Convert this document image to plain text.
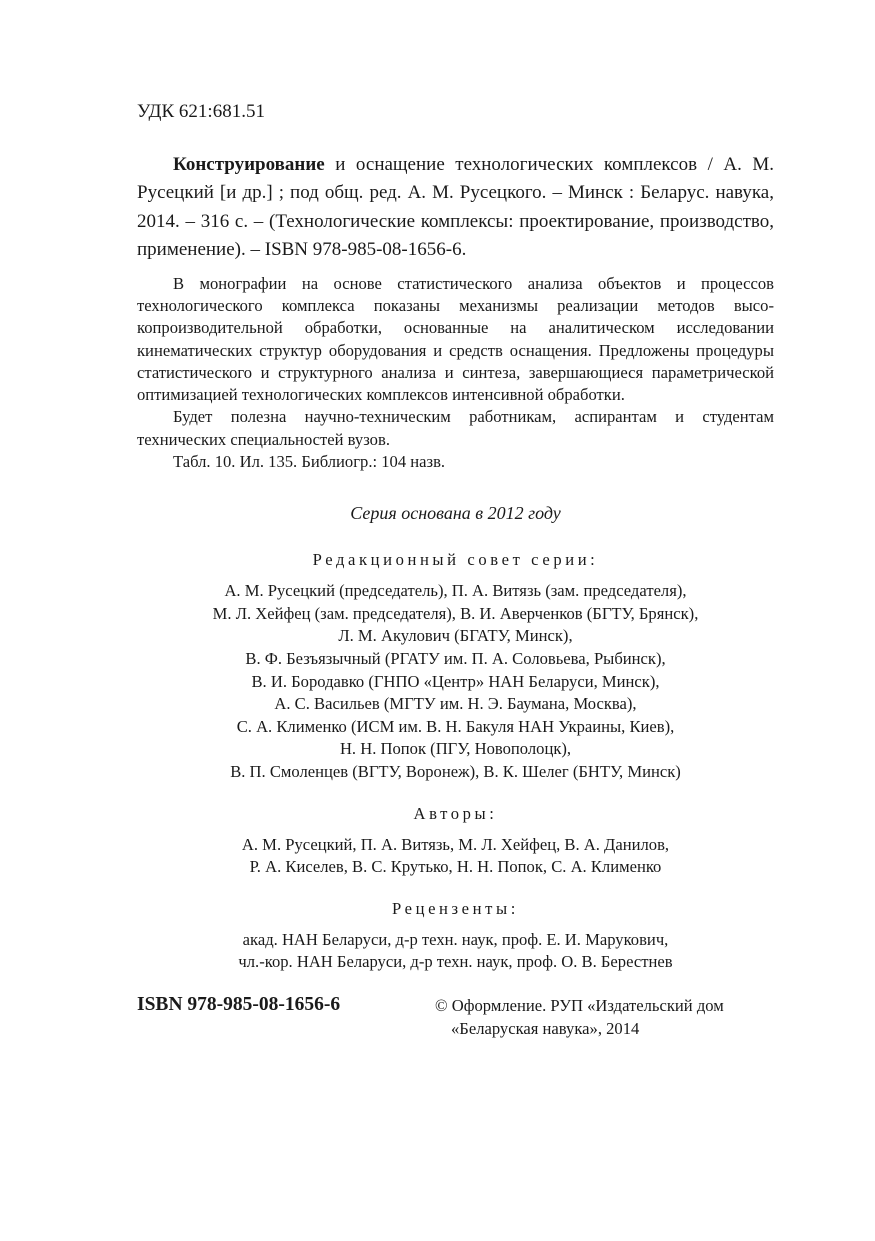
УДК 621:681.51

Конструирование и оснащение технологических комплексов / А. М. Русецкий [и др.] ; под общ. ред. А. М. Русецкого. – Минск : Беларус. навука, 2014. – 316 с. – (Технологические комплексы: проектирование, производство, применение). – ISBN 978-985-08-1656-6.

В монографии на основе статистического анализа объектов и процессов технологического комплекса показаны механизмы реализации методов высокопроизводительной обработки, основанные на аналитическом исследовании кинематических структур оборудования и средств оснащения. Предложены процедуры статистического и структурного анализа и синтеза, завершающиеся параметрической оптимизацией технологических комплексов интенсивной обработки.

Будет полезна научно-техническим работникам, аспирантам и студентам технических специальностей вузов.

Табл. 10. Ил. 135. Библиогр.: 104 назв.

Серия основана в 2012 году

Редакционный совет серии:

А. М. Русецкий (председатель), П. А. Витязь (зам. председателя),

М. Л. Хейфец (зам. председателя), В. И. Аверченков (БГТУ, Брянск),

Л. М. Акулович (БГАТУ, Минск),

В. Ф. Безъязычный (РГАТУ им. П. А. Соловьева, Рыбинск),

В. И. Бородавко (ГНПО «Центр» НАН Беларуси, Минск),

А. С. Васильев (МГТУ им. Н. Э. Баумана, Москва),

С. А. Клименко (ИСМ им. В. Н. Бакуля НАН Украины, Киев),

Н. Н. Попок (ПГУ, Новополоцк),

В. П. Смоленцев (ВГТУ, Воронеж), В. К. Шелег (БНТУ, Минск)

Авторы:

А. М. Русецкий, П. А. Витязь, М. Л. Хейфец, В. А. Данилов,

Р. А. Киселев, В. С. Крутько, Н. Н. Попок, С. А. Клименко

Рецензенты:

акад. НАН Беларуси, д-р техн. наук, проф. Е. И. Марукович,

чл.-кор. НАН Беларуси, д-р техн. наук, проф. О. В. Берестнев

ISBN 978-985-08-1656-6	© Оформление. РУП «Издательский дом
«Беларуская навука», 2014
